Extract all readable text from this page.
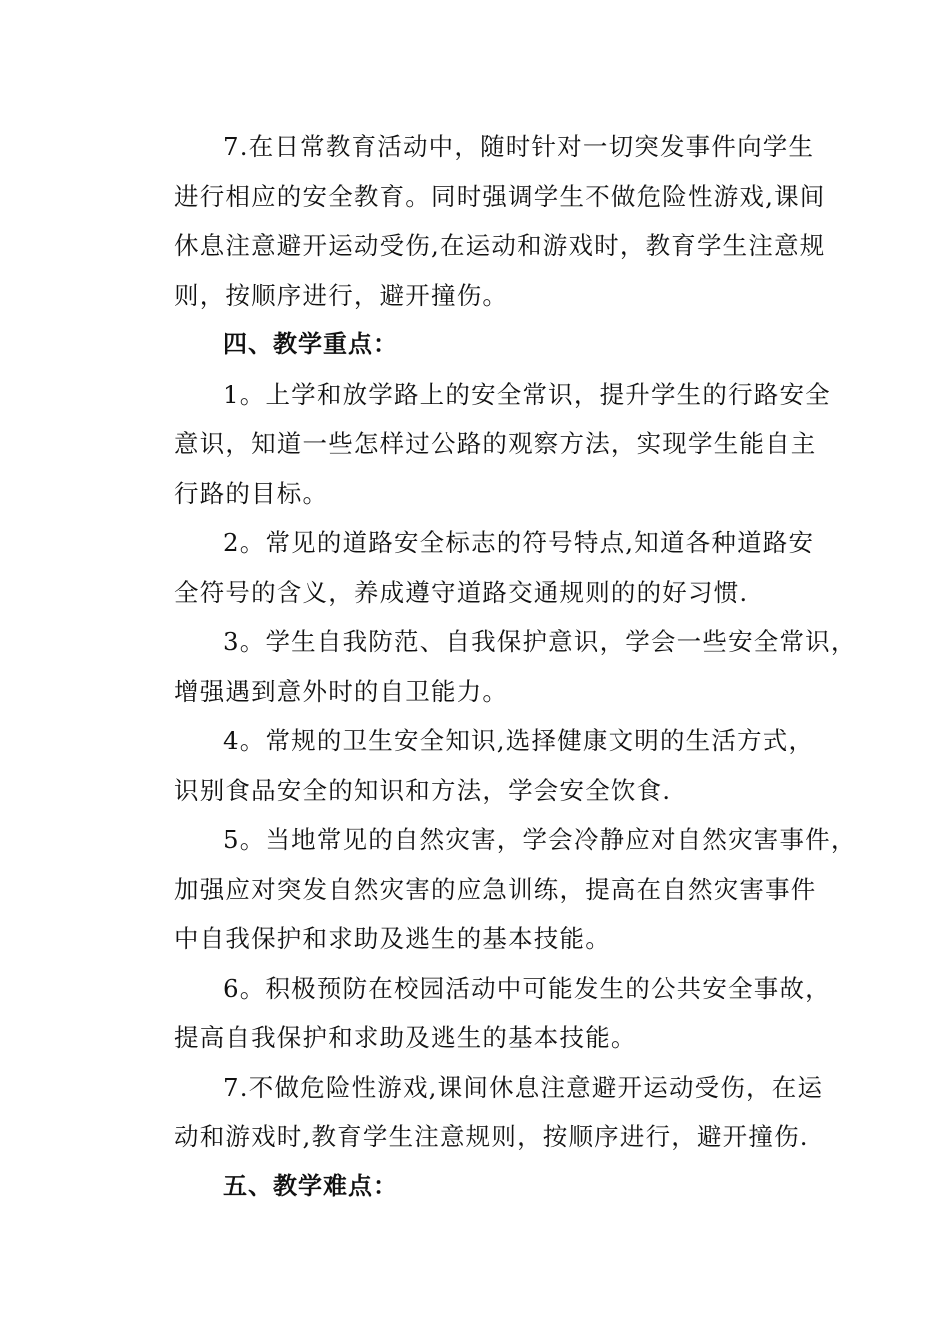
7.在日常教育活动中，随时针对一切突发事件向学生
进行相应的安全教育。同时强调学生不做危险性游戏,课间
休息注意避开运动受伤,在运动和游戏时，教育学生注意规
则，按顺序进行，避开撞伤。

四、教学重点：

1。上学和放学路上的安全常识，提升学生的行路安全
意识，知道一些怎样过公路的观察方法，实现学生能自主
行路的目标。

2。常见的道路安全标志的符号特点,知道各种道路安
全符号的含义，养成遵守道路交通规则的的好习惯.

3。学生自我防范、自我保护意识，学会一些安全常识，
增强遇到意外时的自卫能力。

4。常规的卫生安全知识,选择健康文明的生活方式，
识别食品安全的知识和方法，学会安全饮食.

5。当地常见的自然灾害，学会冷静应对自然灾害事件，
加强应对突发自然灾害的应急训练，提高在自然灾害事件
中自我保护和求助及逃生的基本技能。

6。积极预防在校园活动中可能发生的公共安全事故，
提高自我保护和求助及逃生的基本技能。

7.不做危险性游戏,课间休息注意避开运动受伤，在运
动和游戏时,教育学生注意规则，按顺序进行，避开撞伤.

五、教学难点：
